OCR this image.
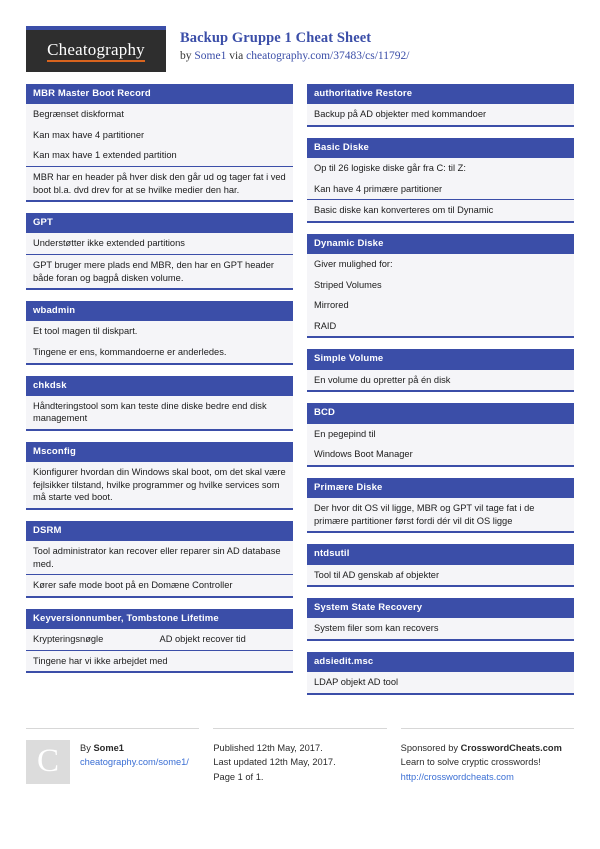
Cheatography
Backup Gruppe 1 Cheat Sheet
by Some1 via cheatography.com/37483/cs/11792/
MBR Master Boot Record
Begrænset diskformat
Kan max have 4 partitioner
Kan max have 1 extended partition
MBR har en header på hver disk den går ud og tager fat i ved boot bl.a. dvd drev for at se hvilke medier den har.
GPT
Understøtter ikke extended partitions
GPT bruger mere plads end MBR, den har en GPT header både foran og bagpå disken volume.
wbadmin
Et tool magen til diskpart.
Tingene er ens, kommandoerne er anderledes.
chkdsk
Håndteringstool som kan teste dine diske bedre end disk management
Msconfig
Kionfigurer hvordan din Windows skal boot, om det skal være fejlsikker tilstand, hvilke programmer og hvilke services som må starte ved boot.
DSRM
Tool administrator kan recover eller reparer sin AD database med.
Kører safe mode boot på en Domæne Controller
Keyversionnumber, Tombstone Lifetime
Krypteringsnøgle	AD objekt recover tid
Tingene har vi ikke arbejdet med
authoritative Restore
Backup på AD objekter med kommandoer
Basic Diske
Op til 26 logiske diske går fra C: til Z:
Kan have 4 primære partitioner
Basic diske kan konverteres om til Dynamic
Dynamic Diske
Giver mulighed for:
Striped Volumes
Mirrored
RAID
Simple Volume
En volume du opretter på én disk
BCD
En pegepind til
Windows Boot Manager
Primære Diske
Der hvor dit OS vil ligge, MBR og GPT vil tage fat i de primære partitioner først fordi dér vil dit OS ligge
ntdsutil
Tool til AD genskab af objekter
System State Recovery
System filer som kan recovers
adsiedit.msc
LDAP objekt AD tool
C	By Some1
cheatography.com/some1/
Published 12th May, 2017.
Last updated 12th May, 2017.
Page 1 of 1.
Sponsored by CrosswordCheats.com
Learn to solve cryptic crosswords!
http://crosswordcheats.com
